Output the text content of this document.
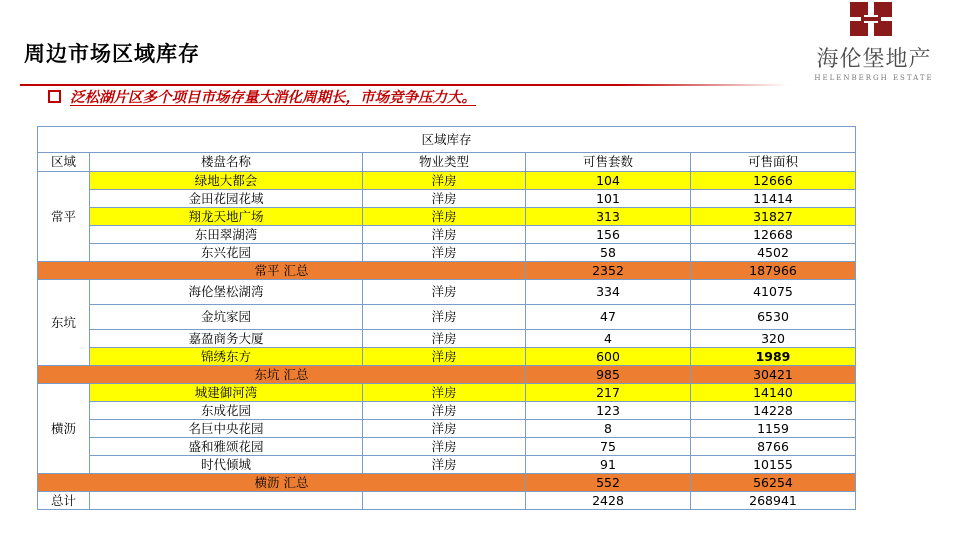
周边市场区域库存	海伦堡地产
HELENBERGH ESTATE
泛松湖片区多个项目市场存量大消化周期长，市场竞争压力大。
区域库存				
区域	楼盘名称	物业类型	可售套数	可售面积
常平	绿地大都会	洋房	104	12666
	金田花园花域	洋房	101	11414
	翔龙天地广场	洋房	313	31827
	东田翠湖湾	洋房	156	12668
	东兴花园	洋房	58	4502
常平 汇总			2352	187966
东坑	海伦堡松湖湾	洋房	334	41075
	金坑家园	洋房	47	6530
	嘉盈商务大厦	洋房	4	320
	锦绣东方	洋房	600	1989
东坑 汇总			985	30421
横沥	城建御河湾	洋房	217	14140
	东成花园	洋房	123	14228
	名巨中央花园	洋房	8	1159
	盛和雅颂花园	洋房	75	8766
	时代倾城	洋房	91	10155
横沥 汇总			552	56254
总计			2428	268941
